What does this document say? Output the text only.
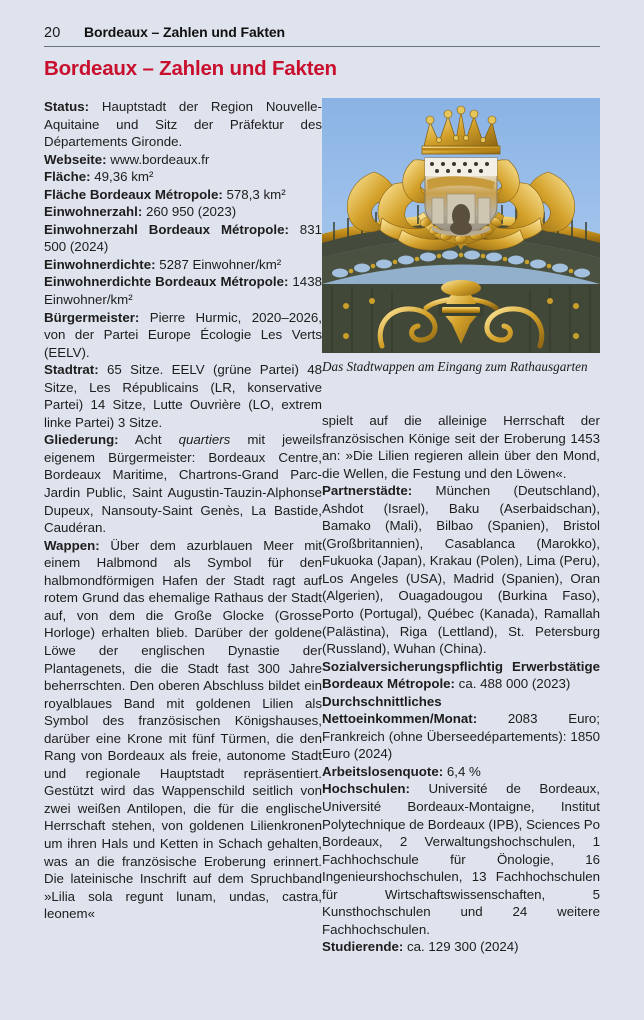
20	Bordeaux – Zahlen und Fakten
Bordeaux – Zahlen und Fakten
Das Stadtwappen am Eingang zum Rathausgarten

Status: Hauptstadt der Region Nouvelle-Aquitaine und Sitz der Präfektur des Départements Gironde.

Webseite: www.bordeaux.fr

Fläche: 49,36 km²

Fläche Bordeaux Métropole: 578,3 km²

Einwohnerzahl: 260 950 (2023)

Einwohnerzahl Bordeaux Métropole: 831 500 (2024)

Einwohnerdichte: 5287 Einwohner/km²

Einwohnerdichte Bordeaux Métropole: 1438 Einwohner/km²

Bürgermeister: Pierre Hurmic, 2020–2026, von der Partei Europe Écologie Les Verts (EELV).

Stadtrat: 65 Sitze. EELV (grüne Partei) 48 Sitze, Les Républicains (LR, konservative Partei) 14 Sitze, Lutte Ouvrière (LO, extrem linke Partei) 3 Sitze.

Gliederung: Acht quartiers mit jeweils eigenem Bürgermeister: Bordeaux Centre, Bordeaux Maritime, Chartrons-Grand Parc-Jardin Public, Saint Augustin-Tauzin-Alphonse Dupeux, Nansouty-Saint Genès, La Bastide, Caudéran.

Wappen: Über dem azurblauen Meer mit einem Halbmond als Symbol für den halbmondförmigen Hafen der Stadt ragt auf rotem Grund das ehemalige Rathaus der Stadt auf, von dem die Große Glocke (Grosse Horloge) erhalten blieb. Darüber der goldene Löwe der englischen Dynastie der Plantagenets, die die Stadt fast 300 Jahre beherrschten. Den oberen Abschluss bildet ein royalblaues Band mit goldenen Lilien als Symbol des französischen Königshauses, darüber eine Krone mit fünf Türmen, die den Rang von Bordeaux als freie, autonome Stadt und regionale Hauptstadt repräsentiert. Gestützt wird das Wappenschild seitlich von zwei weißen Antilopen, die für die englische Herrschaft stehen, von goldenen Lilienkronen um ihren Hals und Ketten in Schach gehalten, was an die französische Eroberung erinnert. Die lateinische Inschrift auf dem Spruchband »Lilia sola regunt lunam, undas, castra, leonem«

spielt auf die alleinige Herrschaft der französischen Könige seit der Eroberung 1453 an: »Die Lilien regieren allein über den Mond, die Wellen, die Festung und den Löwen«.

Partnerstädte: München (Deutschland), Ashdot (Israel), Baku (Aserbaidschan), Bamako (Mali), Bilbao (Spanien), Bristol (Großbritannien), Casablanca (Marokko), Fukuoka (Japan), Krakau (Polen), Lima (Peru), Los Angeles (USA), Madrid (Spanien), Oran (Algerien), Ouagadougou (Burkina Faso), Porto (Portugal), Québec (Kanada), Ramallah (Palästina), Riga (Lettland), St. Petersburg (Russland), Wuhan (China).

Sozialversicherungspflichtig Erwerbstätige Bordeaux Métropole: ca. 488 000 (2023)

Durchschnittliches Nettoeinkommen/Monat: 2083 Euro; Frankreich (ohne Überseedépartements): 1850 Euro (2024)

Arbeitslosenquote: 6,4 %

Hochschulen: Université de Bordeaux, Université Bordeaux-Montaigne, Institut Polytechnique de Bordeaux (IPB), Sciences Po Bordeaux, 2 Verwaltungshochschulen, 1 Fachhochschule für Önologie, 16 Ingenieurshochschulen, 13 Fachhochschulen für Wirtschaftswissenschaften, 5 Kunsthochschulen und 24 weitere Fachhochschulen.

Studierende: ca. 129 300 (2024)
